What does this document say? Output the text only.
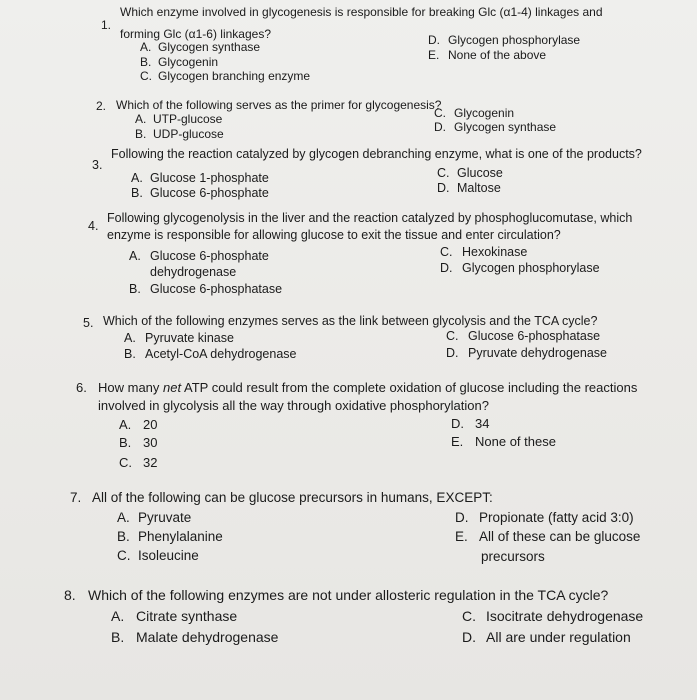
1.
Which enzyme involved in glycogenesis is responsible for breaking Glc (α1-4) linkages and
forming Glc (α1-6) linkages?
A. Glycogen synthase
B. Glycogenin
C. Glycogen branching enzyme
D. Glycogen phosphorylase
E. None of the above
2. Which of the following serves as the primer for glycogenesis?
A. UTP-glucose
B. UDP-glucose
C. Glycogenin
D. Glycogen synthase
3.
Following the reaction catalyzed by glycogen debranching enzyme, what is one of the products?
A. Glucose 1-phosphate
B. Glucose 6-phosphate
C. Glucose
D. Maltose
4.
Following glycogenolysis in the liver and the reaction catalyzed by phosphoglucomutase, which
enzyme is responsible for allowing glucose to exit the tissue and enter circulation?
A. Glucose 6-phosphate
dehydrogenase
B. Glucose 6-phosphatase
C. Hexokinase
D. Glycogen phosphorylase
5. Which of the following enzymes serves as the link between glycolysis and the TCA cycle?
A. Pyruvate kinase
B. Acetyl-CoA dehydrogenase
C. Glucose 6-phosphatase
D. Pyruvate dehydrogenase
6. How many net ATP could result from the complete oxidation of glucose including the reactions
involved in glycolysis all the way through oxidative phosphorylation?
A. 20
B. 30
C. 32
D. 34
E. None of these
7. All of the following can be glucose precursors in humans, EXCEPT:
A. Pyruvate
B. Phenylalanine
C. Isoleucine
D. Propionate (fatty acid 3:0)
E. All of these can be glucose
precursors
8. Which of the following enzymes are not under allosteric regulation in the TCA cycle?
A. Citrate synthase
B. Malate dehydrogenase
C. Isocitrate dehydrogenase
D. All are under regulation
